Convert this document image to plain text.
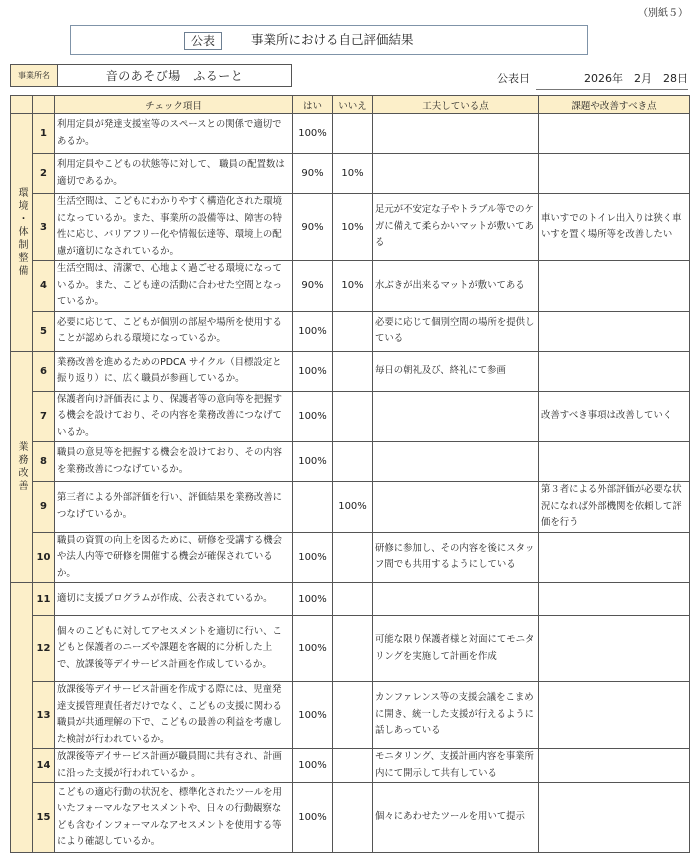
（別紙５）
公表	事業所における自己評価結果
事業所名	音のあそび場　ふるーと	公表日	2026年　2月　28日
		チェック項目	はい	いいえ	工夫している点	課題や改善すべき点
環境・体制整備	1	利用定員が発達支援室等のスペースとの関係で適切であるか。	100%			
	2	利用定員やこどもの状態等に対して、 職員の配置数は適切であるか。	90%	10%		
	3	生活空間は、こどもにわかりやすく構造化された環境になっているか。また、事業所の設備等は、障害の特性に応じ、バリアフリー化や情報伝達等、環境上の配慮が適切になされているか。	90%	10%	足元が不安定な子やトラブル等でのケガに備えて柔らかいマットが敷いてある	車いすでのトイレ出入りは狭く車いすを置く場所等を改善したい
	4	生活空間は、清潔で、心地よく過ごせる環境になっているか。また、こども達の活動に合わせた空間となっているか。	90%	10%	水ぶきが出来るマットが敷いてある	
	5	必要に応じて、こどもが個別の部屋や場所を使用することが認められる環境になっているか。	100%		必要に応じて個別空間の場所を提供している	
業務改善	6	業務改善を進めるためのPDCA サイクル（目標設定と振り返り）に、広く職員が参画しているか。	100%		毎日の朝礼及び、終礼にて参画	
	7	保護者向け評価表により、保護者等の意向等を把握する機会を設けており、その内容を業務改善につなげているか。	100%			改善すべき事項は改善していく
	8	職員の意見等を把握する機会を設けており、その内容を業務改善につなげているか。	100%			
	9	第三者による外部評価を行い、評価結果を業務改善につなげているか。		100%		第３者による外部評価が必要な状況になれば外部機関を依頼して評価を行う
	10	職員の資質の向上を図るために、研修を受講する機会や法人内等で研修を開催する機会が確保されているか。	100%		研修に参加し、その内容を後にスタッフ間でも共用するようにしている	
	11	適切に支援プログラムが作成、公表されているか。	100%			
	12	個々のこどもに対してアセスメントを適切に行い、こどもと保護者のニーズや課題を客観的に分析した上で、放課後等デイサービス計画を作成しているか。	100%		可能な限り保護者様と対面にてモニタリングを実施して計画を作成	
	13	放課後等デイサービス計画を作成する際には、児童発達支援管理責任者だけでなく、こどもの支援に関わる職員が共通理解の下で、こどもの最善の利益を考慮した検討が行われているか。	100%		カンファレンス等の支援会議をこまめに開き、統一した支援が行えるように話しあっている	
	14	放課後等デイサービス計画が職員間に共有され、計画に沿った支援が行われているか 。	100%		モニタリング、支援計画内容を事業所内にて開示して共有している	
	15	こどもの適応行動の状況を、標準化されたツールを用いたフォーマルなアセスメントや、日々の行動観察なども含むインフォーマルなアセスメントを使用する等により確認しているか。	100%		個々にあわせたツールを用いて提示	
